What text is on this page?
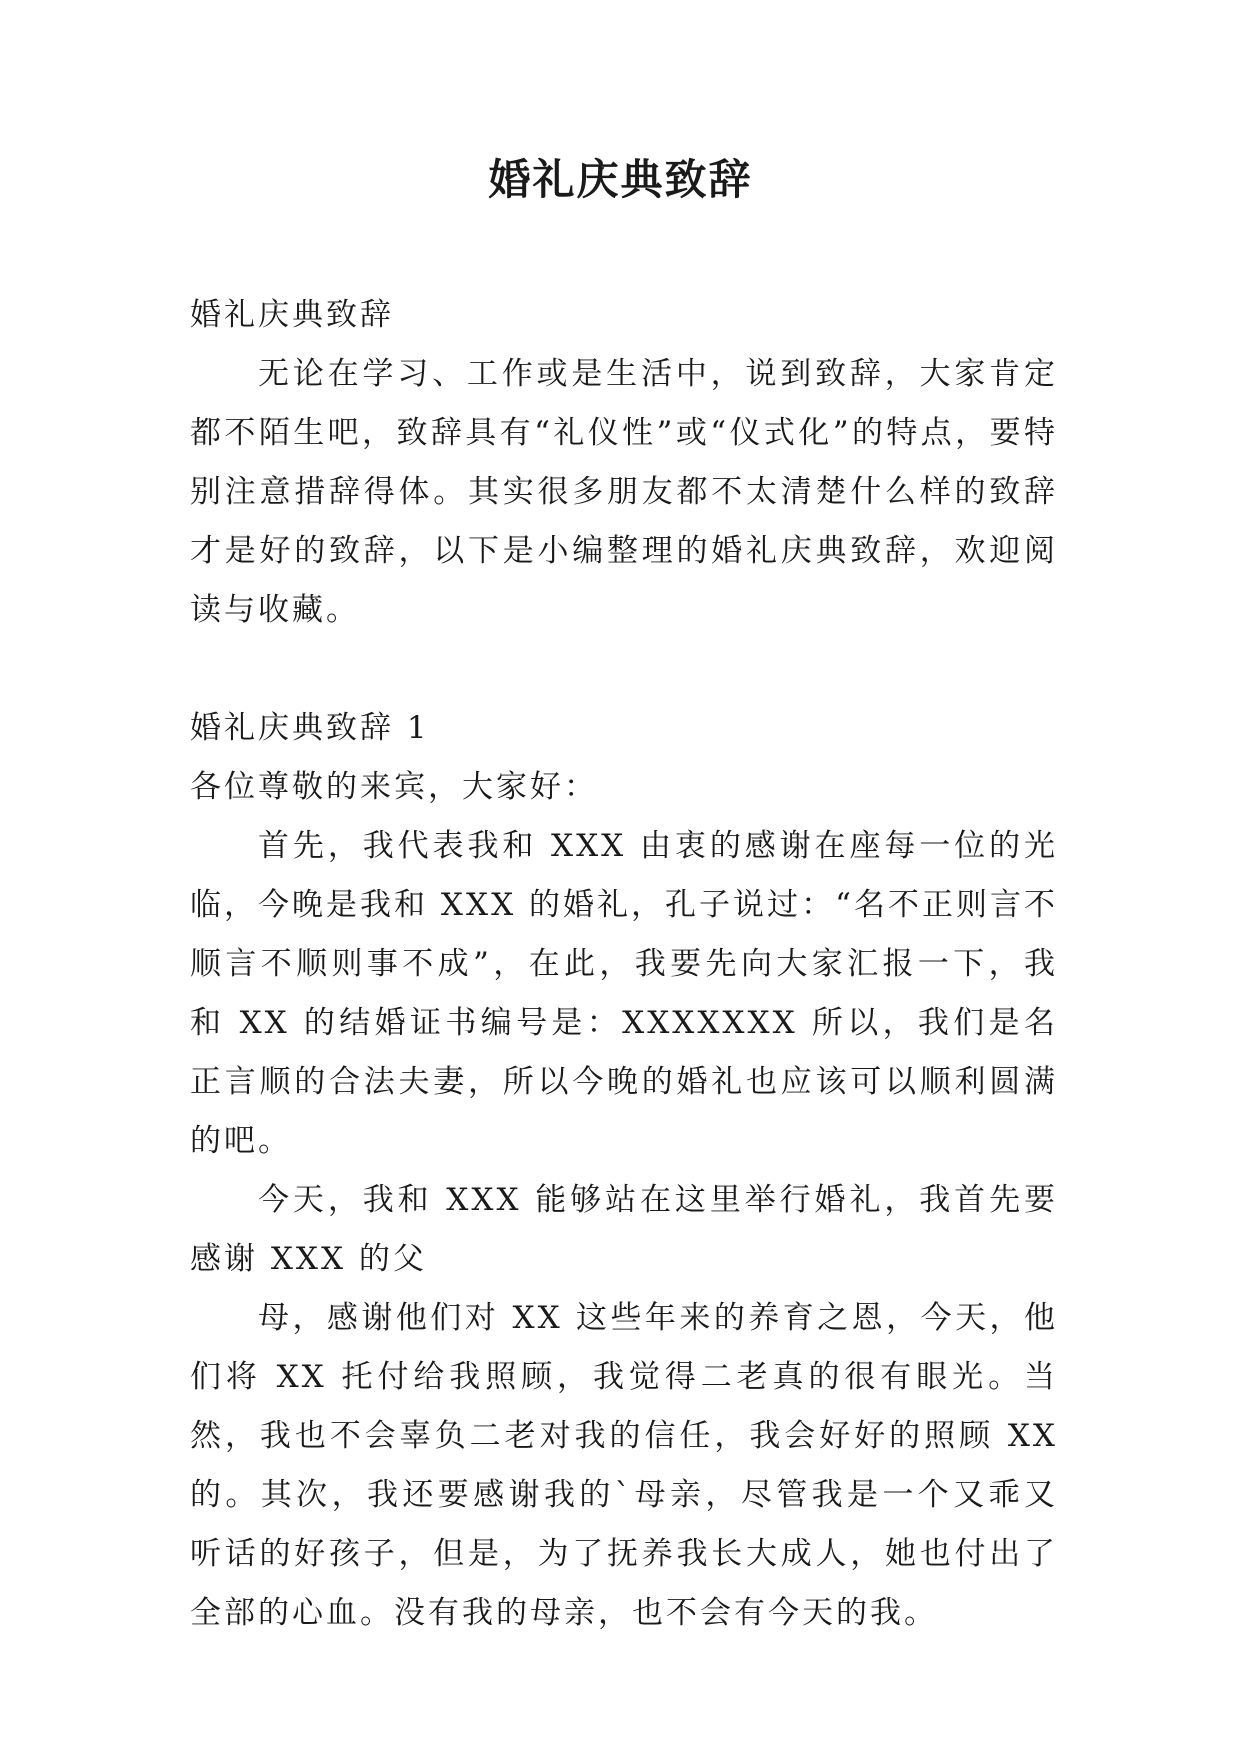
婚礼庆典致辞

婚礼庆典致辞

无论在学习、工作或是生活中，说到致辞，大家肯定都不陌生吧，致辞具有“礼仪性”或“仪式化”的特点，要特别注意措辞得体。其实很多朋友都不太清楚什么样的致辞才是好的致辞，以下是小编整理的婚礼庆典致辞，欢迎阅读与收藏。

婚礼庆典致辞 1

各位尊敬的来宾，大家好：

首先，我代表我和 XXX 由衷的感谢在座每一位的光临，今晚是我和 XXX 的婚礼，孔子说过：“名不正则言不顺言不顺则事不成”，在此，我要先向大家汇报一下，我和 XX 的结婚证书编号是：XXXXXXX 所以，我们是名正言顺的合法夫妻，所以今晚的婚礼也应该可以顺利圆满的吧。

今天，我和 XXX 能够站在这里举行婚礼，我首先要感谢 XXX 的父

母，感谢他们对 XX 这些年来的养育之恩，今天，他们将 XX 托付给我照顾，我觉得二老真的很有眼光。当然，我也不会辜负二老对我的信任，我会好好的照顾 XX 的。其次，我还要感谢我的`母亲，尽管我是一个又乖又听话的好孩子，但是，为了抚养我长大成人，她也付出了全部的心血。没有我的母亲，也不会有今天的我。
